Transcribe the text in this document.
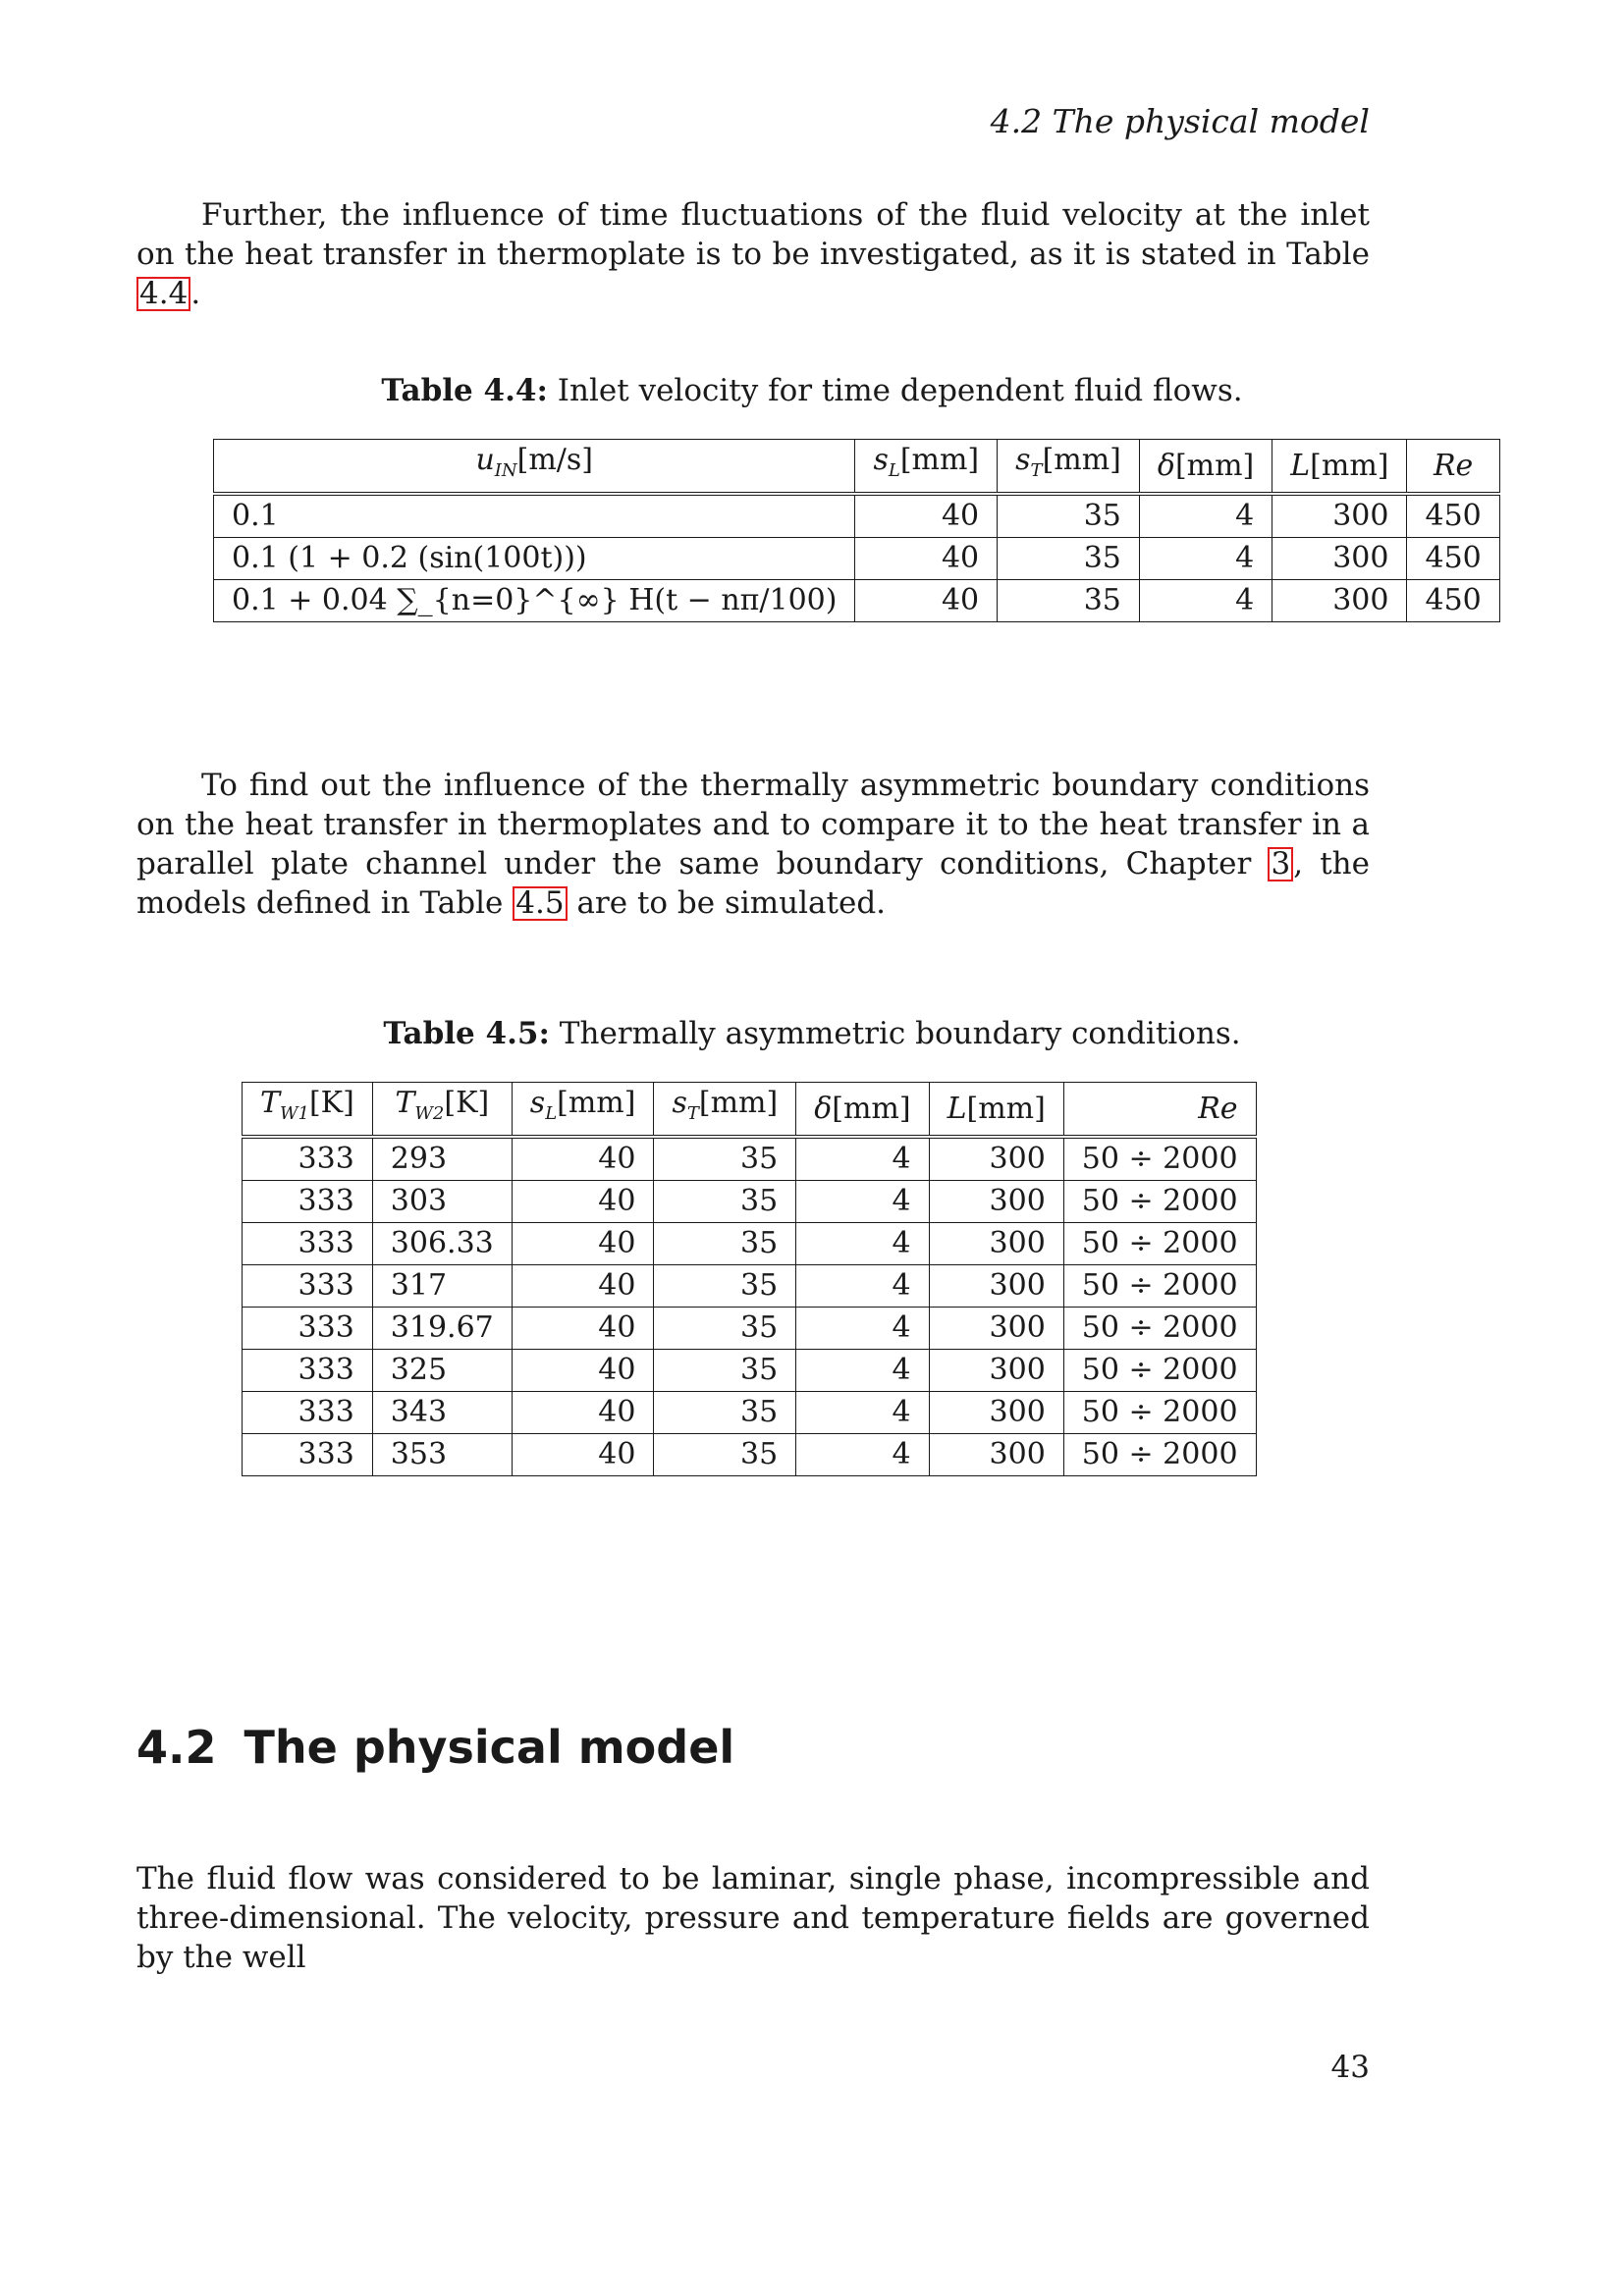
4.2 The physical model

Further, the influence of time fluctuations of the fluid velocity at the inlet on the heat transfer in thermoplate is to be investigated, as it is stated in Table 4.4.

Table 4.4: Inlet velocity for time dependent fluid flows.
$u_{IN}[m/s]$	$s_L[mm]$	$s_T[mm]$	δ[mm]	L[mm]	Re
0.1	40	35	4	300	450
0.1 (1 + 0.2 (sin(100t)))	40	35	4	300	450
0.1 + 0.04 ∑_{n=0}^{∞} H(t − nπ/100)	40	35	4	300	450

To find out the influence of the thermally asymmetric boundary conditions on the heat transfer in thermoplates and to compare it to the heat transfer in a parallel plate channel under the same boundary conditions, Chapter 3, the models defined in Table 4.5 are to be simulated.

Table 4.5: Thermally asymmetric boundary conditions.
$T_{W1}[K]$	$T_{W2}[K]$	$s_L[mm]$	$s_T[mm]$	δ[mm]	L[mm]	Re
333	293	40	35	4	300	50 ÷ 2000
333	303	40	35	4	300	50 ÷ 2000
333	306.33	40	35	4	300	50 ÷ 2000
333	317	40	35	4	300	50 ÷ 2000
333	319.67	40	35	4	300	50 ÷ 2000
333	325	40	35	4	300	50 ÷ 2000
333	343	40	35	4	300	50 ÷ 2000
333	353	40	35	4	300	50 ÷ 2000
4.2 The physical model

The fluid flow was considered to be laminar, single phase, incompressible and three-dimensional. The velocity, pressure and temperature fields are governed by the well

43
